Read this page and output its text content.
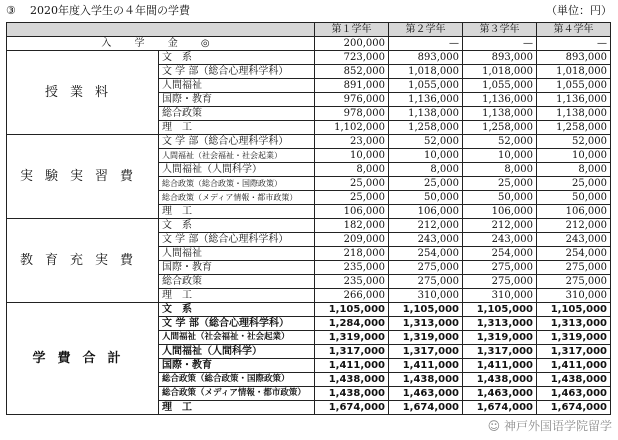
③ 2020年度入学生の４年間の学費	（単位：円）
		第１学年	第２学年	第３学年	第４学年
入 学 金 ◎		200,000	—	—	—
授業料	文　系	723,000	893,000	893,000	893,000
	文 学 部（総合心理科学科）	852,000	1,018,000	1,018,000	1,018,000
	人間福祉	891,000	1,055,000	1,055,000	1,055,000
	国際・教育	976,000	1,136,000	1,136,000	1,136,000
	総合政策	978,000	1,138,000	1,138,000	1,138,000
	理　工	1,102,000	1,258,000	1,258,000	1,258,000
実験実習費	文 学 部（総合心理科学科）	23,000	52,000	52,000	52,000
	人間福祉（社会福祉・社会起業）	10,000	10,000	10,000	10,000
	人間福祉（人間科学）	8,000	8,000	8,000	8,000
	総合政策（総合政策・国際政策）	25,000	25,000	25,000	25,000
	総合政策（メディア情報・都市政策）	25,000	50,000	50,000	50,000
	理　工	106,000	106,000	106,000	106,000
教育充実費	文　系	182,000	212,000	212,000	212,000
	文 学 部（総合心理科学科）	209,000	243,000	243,000	243,000
	人間福祉	218,000	254,000	254,000	254,000
	国際・教育	235,000	275,000	275,000	275,000
	総合政策	235,000	275,000	275,000	275,000
	理　工	266,000	310,000	310,000	310,000
学費合計	文　系	1,105,000	1,105,000	1,105,000	1,105,000
	文 学 部（総合心理科学科）	1,284,000	1,313,000	1,313,000	1,313,000
	人間福祉（社会福祉・社会起業）	1,319,000	1,319,000	1,319,000	1,319,000
	人間福祉（人間科学）	1,317,000	1,317,000	1,317,000	1,317,000
	国際・教育	1,411,000	1,411,000	1,411,000	1,411,000
	総合政策（総合政策・国際政策）	1,438,000	1,438,000	1,438,000	1,438,000
	総合政策（メディア情報・都市政策）	1,438,000	1,463,000	1,463,000	1,463,000
	理　工	1,674,000	1,674,000	1,674,000	1,674,000
☺ 神戸外国语学院留学
